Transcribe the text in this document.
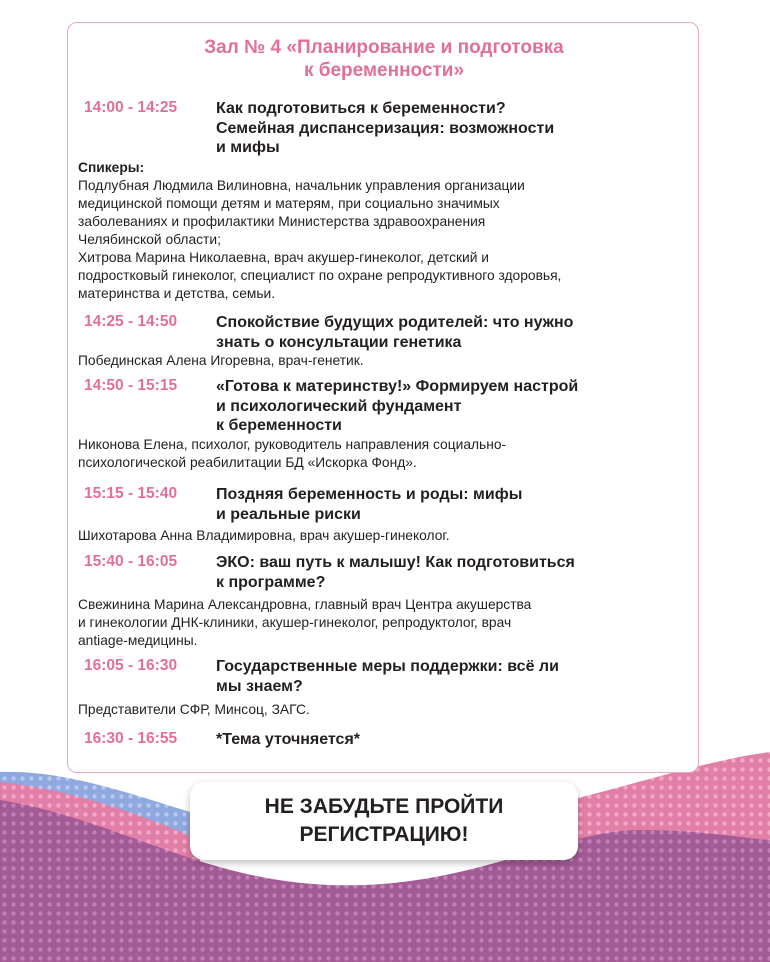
Зал № 4 «Планирование и подготовка
к беременности»
14:00 - 14:25 Как подготовиться к беременности?
Семейная диспансеризация: возможности
и мифы
Спикеры:
Подлубная Людмила Вилиновна, начальник управления организации
медицинской помощи детям и матерям, при социально значимых
заболеваниях и профилактики Министерства здравоохранения
Челябинской области;
Хитрова Марина Николаевна, врач акушер-гинеколог, детский и
подростковый гинеколог, специалист по охране репродуктивного здоровья,
материнства и детства, семьи.
14:25 - 14:50 Спокойствие будущих родителей: что нужно
знать о консультации генетика
Побединская Алена Игоревна, врач-генетик.
14:50 - 15:15 «Готова к материнству!» Формируем настрой
и психологический фундамент
к беременности
Никонова Елена, психолог, руководитель направления социально-
психологической реабилитации БД «Искорка Фонд».
15:15 - 15:40 Поздняя беременность и роды: мифы
и реальные риски
Шихотарова Анна Владимировна, врач акушер-гинеколог.
15:40 - 16:05 ЭКО: ваш путь к малышу! Как подготовиться
к программе?
Свежинина Марина Александровна, главный врач Центра акушерства
и гинекологии ДНК-клиники, акушер-гинеколог, репродуктолог, врач
antiage-медицины.
16:05 - 16:30 Государственные меры поддержки: всё ли
мы знаем?
Представители СФР, Минсоц, ЗАГС.
16:30 - 16:55 *Тема уточняется*
НЕ ЗАБУДЬТЕ ПРОЙТИ
РЕГИСТРАЦИЮ!
